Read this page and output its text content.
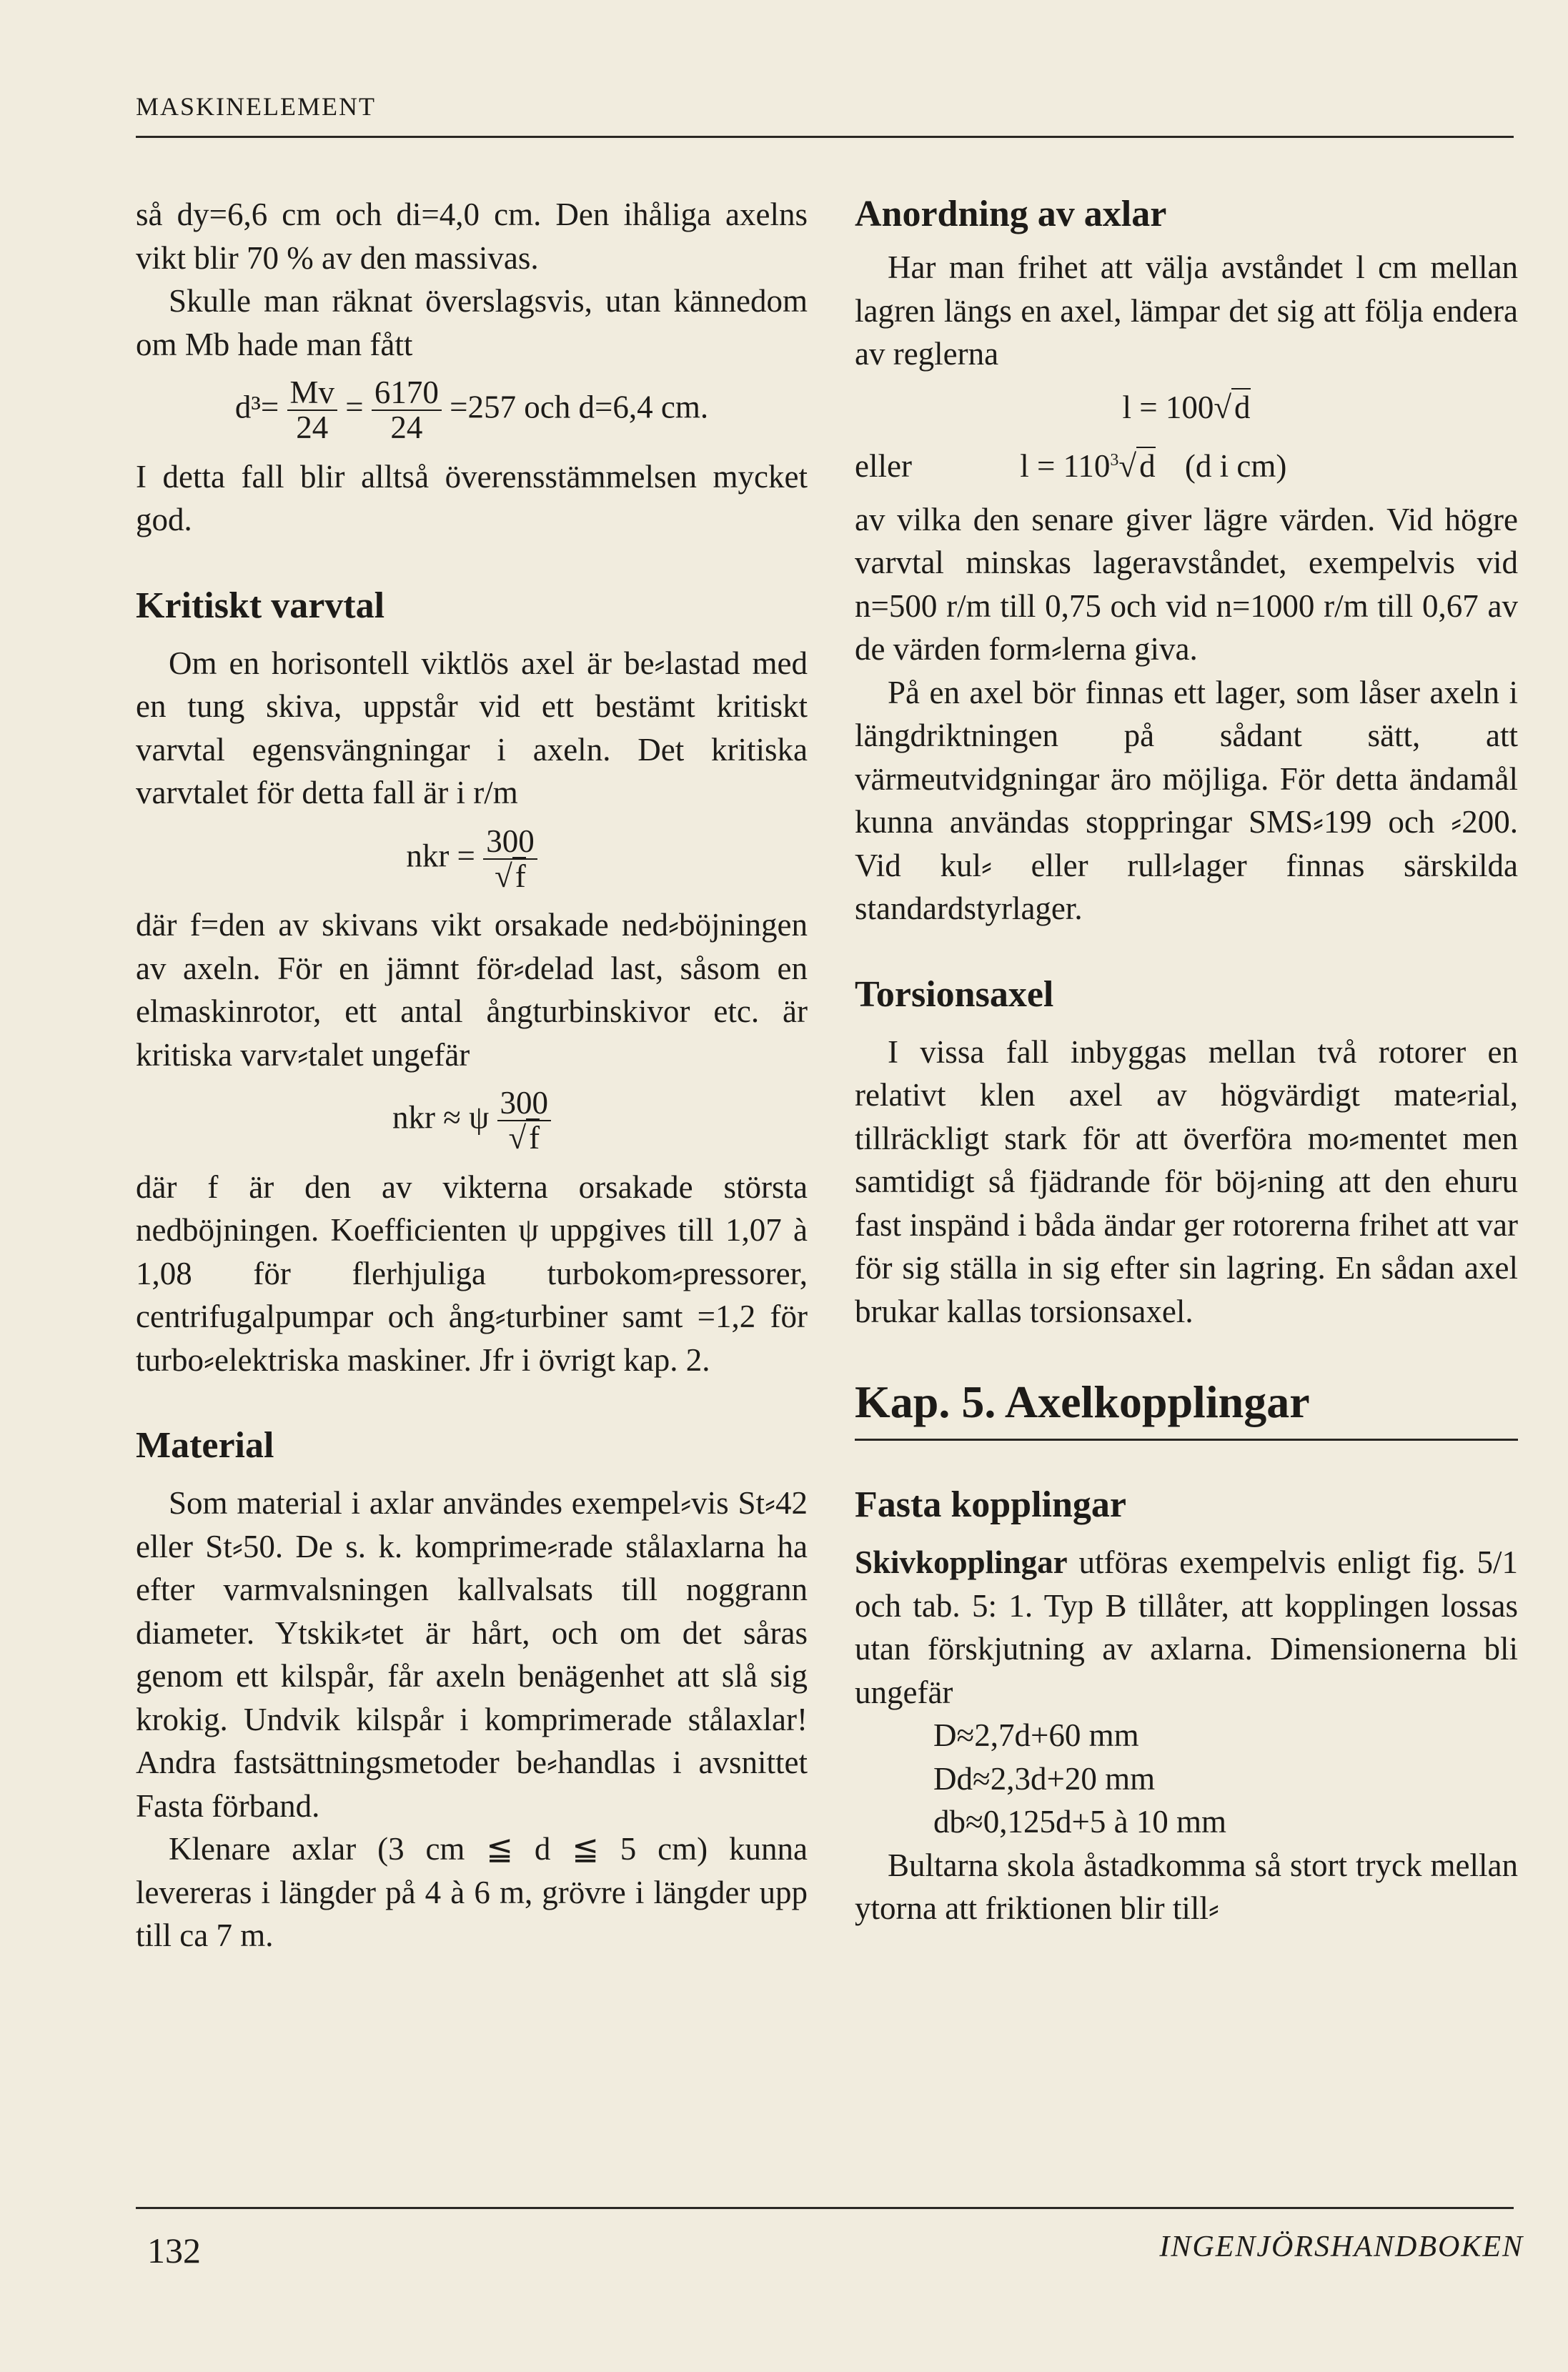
MASKINELEMENT

så dy=6,6 cm och di=4,0 cm. Den ihåliga axelns vikt blir 70 % av den massivas.

Skulle man räknat överslagsvis, utan kännedom om Mb hade man fått

$d^3= \frac{Mv}{24} = \frac{6170}{24} =257$ och d=6,4 cm.

I detta fall blir alltså överensstämmelsen mycket god.

Kritiskt varvtal

Om en horisontell viktlös axel är be⸗lastad med en tung skiva, uppstår vid ett bestämt kritiskt varvtal egensvängningar i axeln. Det kritiska varvtalet för detta fall är i r/m

nkr = $\frac{300}{√f}$

där f=den av skivans vikt orsakade ned⸗böjningen av axeln. För en jämnt för⸗delad last, såsom en elmaskinrotor, ett antal ångturbinskivor etc. är kritiska varv⸗talet ungefär

nkr ≈ ψ $\frac{300}{√f}$

där f är den av vikterna orsakade största nedböjningen. Koefficienten ψ uppgives till 1,07 à 1,08 för flerhjuliga turbokom⸗pressorer, centrifugalpumpar och ång⸗turbiner samt =1,2 för turbo⸗elektriska maskiner. Jfr i övrigt kap. 2.

Material

Som material i axlar användes exempel⸗vis St⸗42 eller St⸗50. De s. k. komprime⸗rade stålaxlarna ha efter varmvalsningen kallvalsats till noggrann diameter. Ytskik⸗tet är hårt, och om det såras genom ett kilspår, får axeln benägenhet att slå sig krokig. Undvik kilspår i komprimerade stålaxlar! Andra fastsättningsmetoder be⸗handlas i avsnittet Fasta förband.

Klenare axlar (3 cm ≦ d ≦ 5 cm) kunna levereras i längder på 4 à 6 m, grövre i längder upp till ca 7 m.

Anordning av axlar

Har man frihet att välja avståndet l cm mellan lagren längs en axel, lämpar det sig att följa endera av reglerna

l = 100√d
eller	$l = 110^3√d$ (d i cm)

av vilka den senare giver lägre värden. Vid högre varvtal minskas lageravståndet, exempelvis vid n=500 r/m till 0,75 och vid n=1000 r/m till 0,67 av de värden form⸗lerna giva.

På en axel bör finnas ett lager, som låser axeln i längdriktningen på sådant sätt, att värmeutvidgningar äro möjliga. För detta ändamål kunna användas stoppringar SMS⸗199 och ⸗200. Vid kul⸗ eller rull⸗lager finnas särskilda standardstyrlager.

Torsionsaxel

I vissa fall inbyggas mellan två rotorer en relativt klen axel av högvärdigt mate⸗rial, tillräckligt stark för att överföra mo⸗mentet men samtidigt så fjädrande för böj⸗ning att den ehuru fast inspänd i båda ändar ger rotorerna frihet att var för sig ställa in sig efter sin lagring. En sådan axel brukar kallas torsionsaxel.

Kap. 5. Axelkopplingar
Fasta kopplingar

Skivkopplingar utföras exempelvis enligt fig. 5/1 och tab. 5: 1. Typ B tillåter, att kopplingen lossas utan förskjutning av axlarna. Dimensionerna bli ungefär

D≈2,7d+60 mm
Dd≈2,3d+20 mm
db≈0,125d+5 à 10 mm

Bultarna skola åstadkomma så stort tryck mellan ytorna att friktionen blir till⸗

132	INGENJÖRSHANDBOKEN
